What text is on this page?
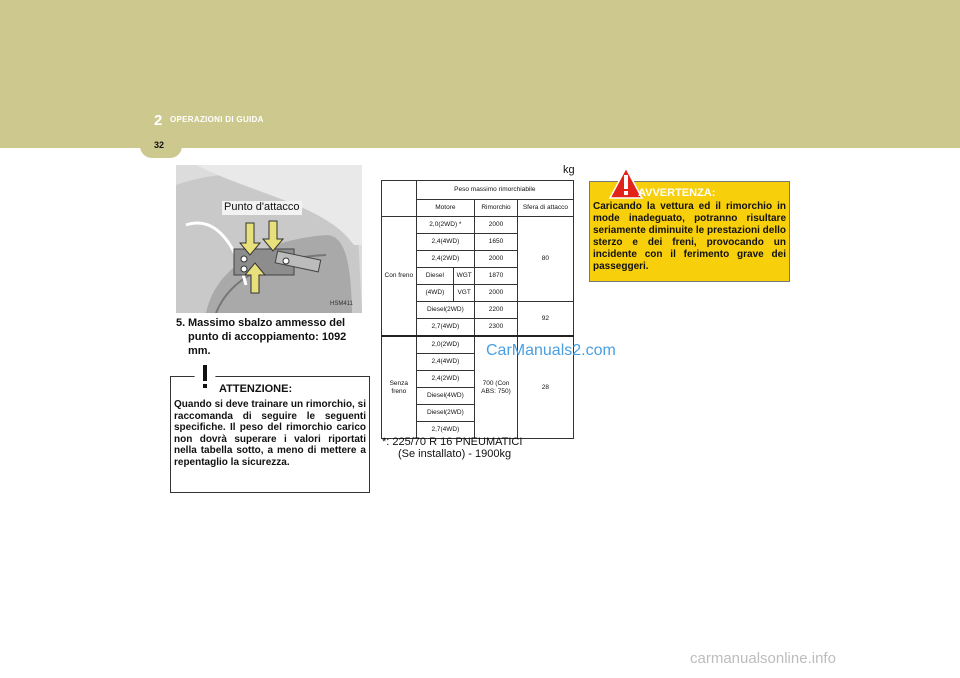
2 OPERAZIONI DI GUIDA
32
Punto d'attacco
HSM411
5. Massimo sbalzo ammesso del punto di accoppiamento: 1092 mm.
ATTENZIONE:
Quando si deve trainare un rimorchio, si raccomanda di seguire le seguenti specifiche. Il peso del rimorchio carico non dovrà superare i valori riportati nella tabella sotto, a meno di mettere a repentaglio la sicurezza.
kg
	Peso massimo rimorchiabile		
	Motore	Rimorchio	Sfera di attacco
Con freno	2,0(2WD) *	2000	80
	2,4(4WD)	1650	
	2,4(2WD)	2000	

	Diesel WGT	1870	

	(4WD) VGT	2000	
	Diesel(2WD)	2200	92
	2,7(4WD)	2300	
Senza freno	2,0(2WD)	700 (Con ABS: 750)	28
	2,4(4WD)		
	2,4(2WD)		
	Diesel(4WD)		
	Diesel(2WD)		
	2,7(4WD)		
*: 225/70 R 16 PNEUMATICI
(Se installato) - 1900kg
CarManuals2.com
AVVERTENZA:
Caricando la vettura ed il rimorchio in mode inadeguato, potranno risultare seriamente diminuite le prestazioni dello sterzo e dei freni, provocando un incidente con il ferimento grave dei passeggeri.
carmanualsonline.info
